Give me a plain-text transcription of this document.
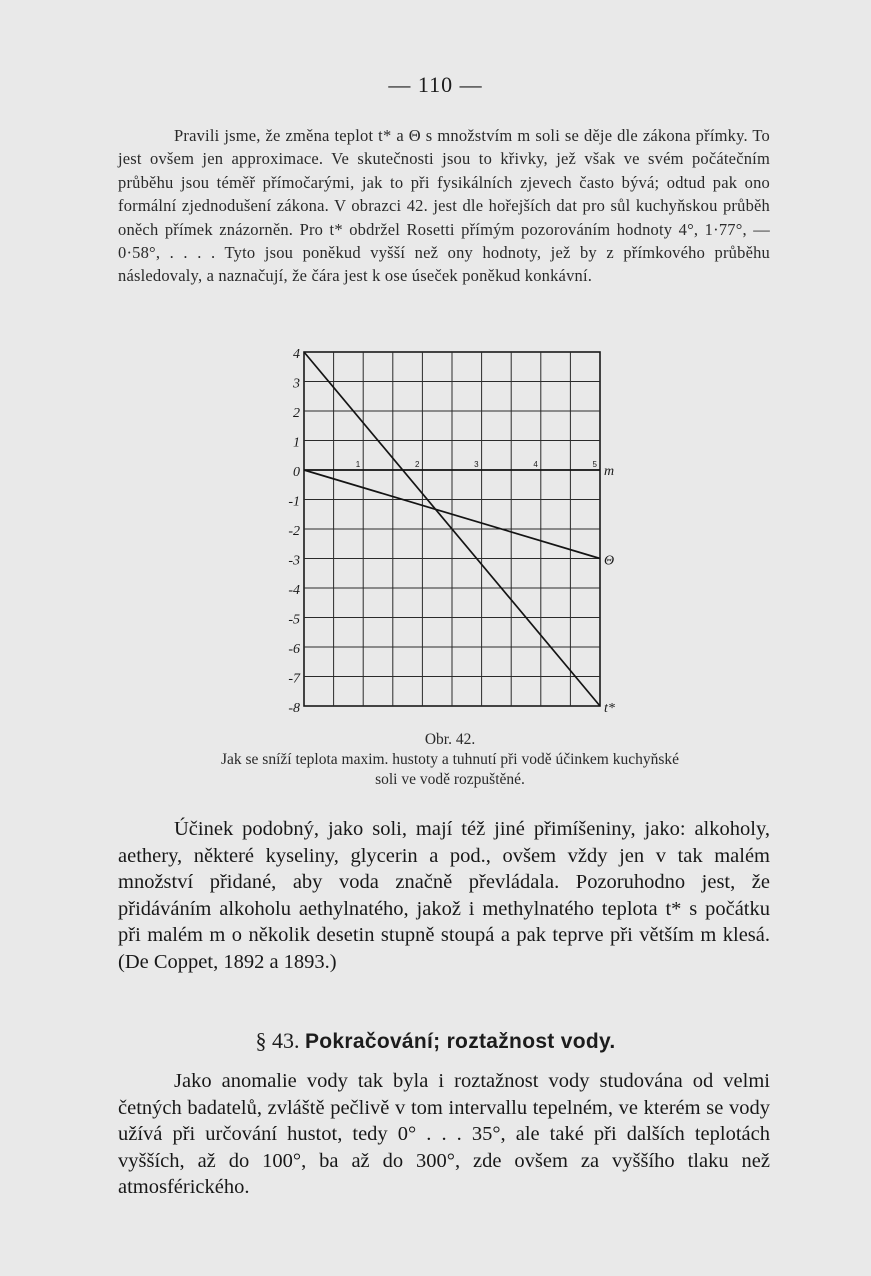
— 110 —
Pravili jsme, že změna teplot t* a Θ s množstvím m soli se děje dle zákona přímky. To jest ovšem jen approximace. Ve skutečnosti jsou to křivky, jež však ve svém počátečním průběhu jsou téměř přímočarými, jak to při fysikálních zjevech často bývá; odtud pak ono formální zjednodušení zákona. V obrazci 42. jest dle hořejších dat pro sůl kuchyňskou průběh oněch přímek znázorněn. Pro t* obdržel Rosetti přímým pozorováním hodnoty 4°, 1·77°, — 0·58°, . . . . Tyto jsou poněkud vyšší než ony hodnoty, jež by z přímkového průběhu následovaly, a naznačují, že čára jest k ose úseček poněkud konkávní.
4
3
2
1
0
-1
-2
-3
-4
-5
-6
-7
-8
1	2	3	4	5 m
Θ
t*
Obr. 42.
Jak se sníží teplota maxim. hustoty a tuhnutí při vodě účinkem kuchyňské
soli ve vodě rozpuštěné.
Účinek podobný, jako soli, mají též jiné přimíšeniny, jako: alkoholy, aethery, některé kyseliny, glycerin a pod., ovšem vždy jen v tak malém množství přidané, aby voda značně převládala. Pozoruhodno jest, že přidáváním alkoholu aethylnatého, jakož i methylnatého teplota t* s počátku při malém m o několik desetin stupně stoupá a pak teprve při větším m klesá. (De Coppet, 1892 a 1893.)
§ 43. Pokračování; roztažnost vody.
Jako anomalie vody tak byla i roztažnost vody studována od velmi četných badatelů, zvláště pečlivě v tom intervallu tepelném, ve kterém se vody užívá při určování hustot, tedy 0° . . . 35°, ale také při dalších teplotách vyšších, až do 100°, ba až do 300°, zde ovšem za vyššího tlaku než atmosférického.
